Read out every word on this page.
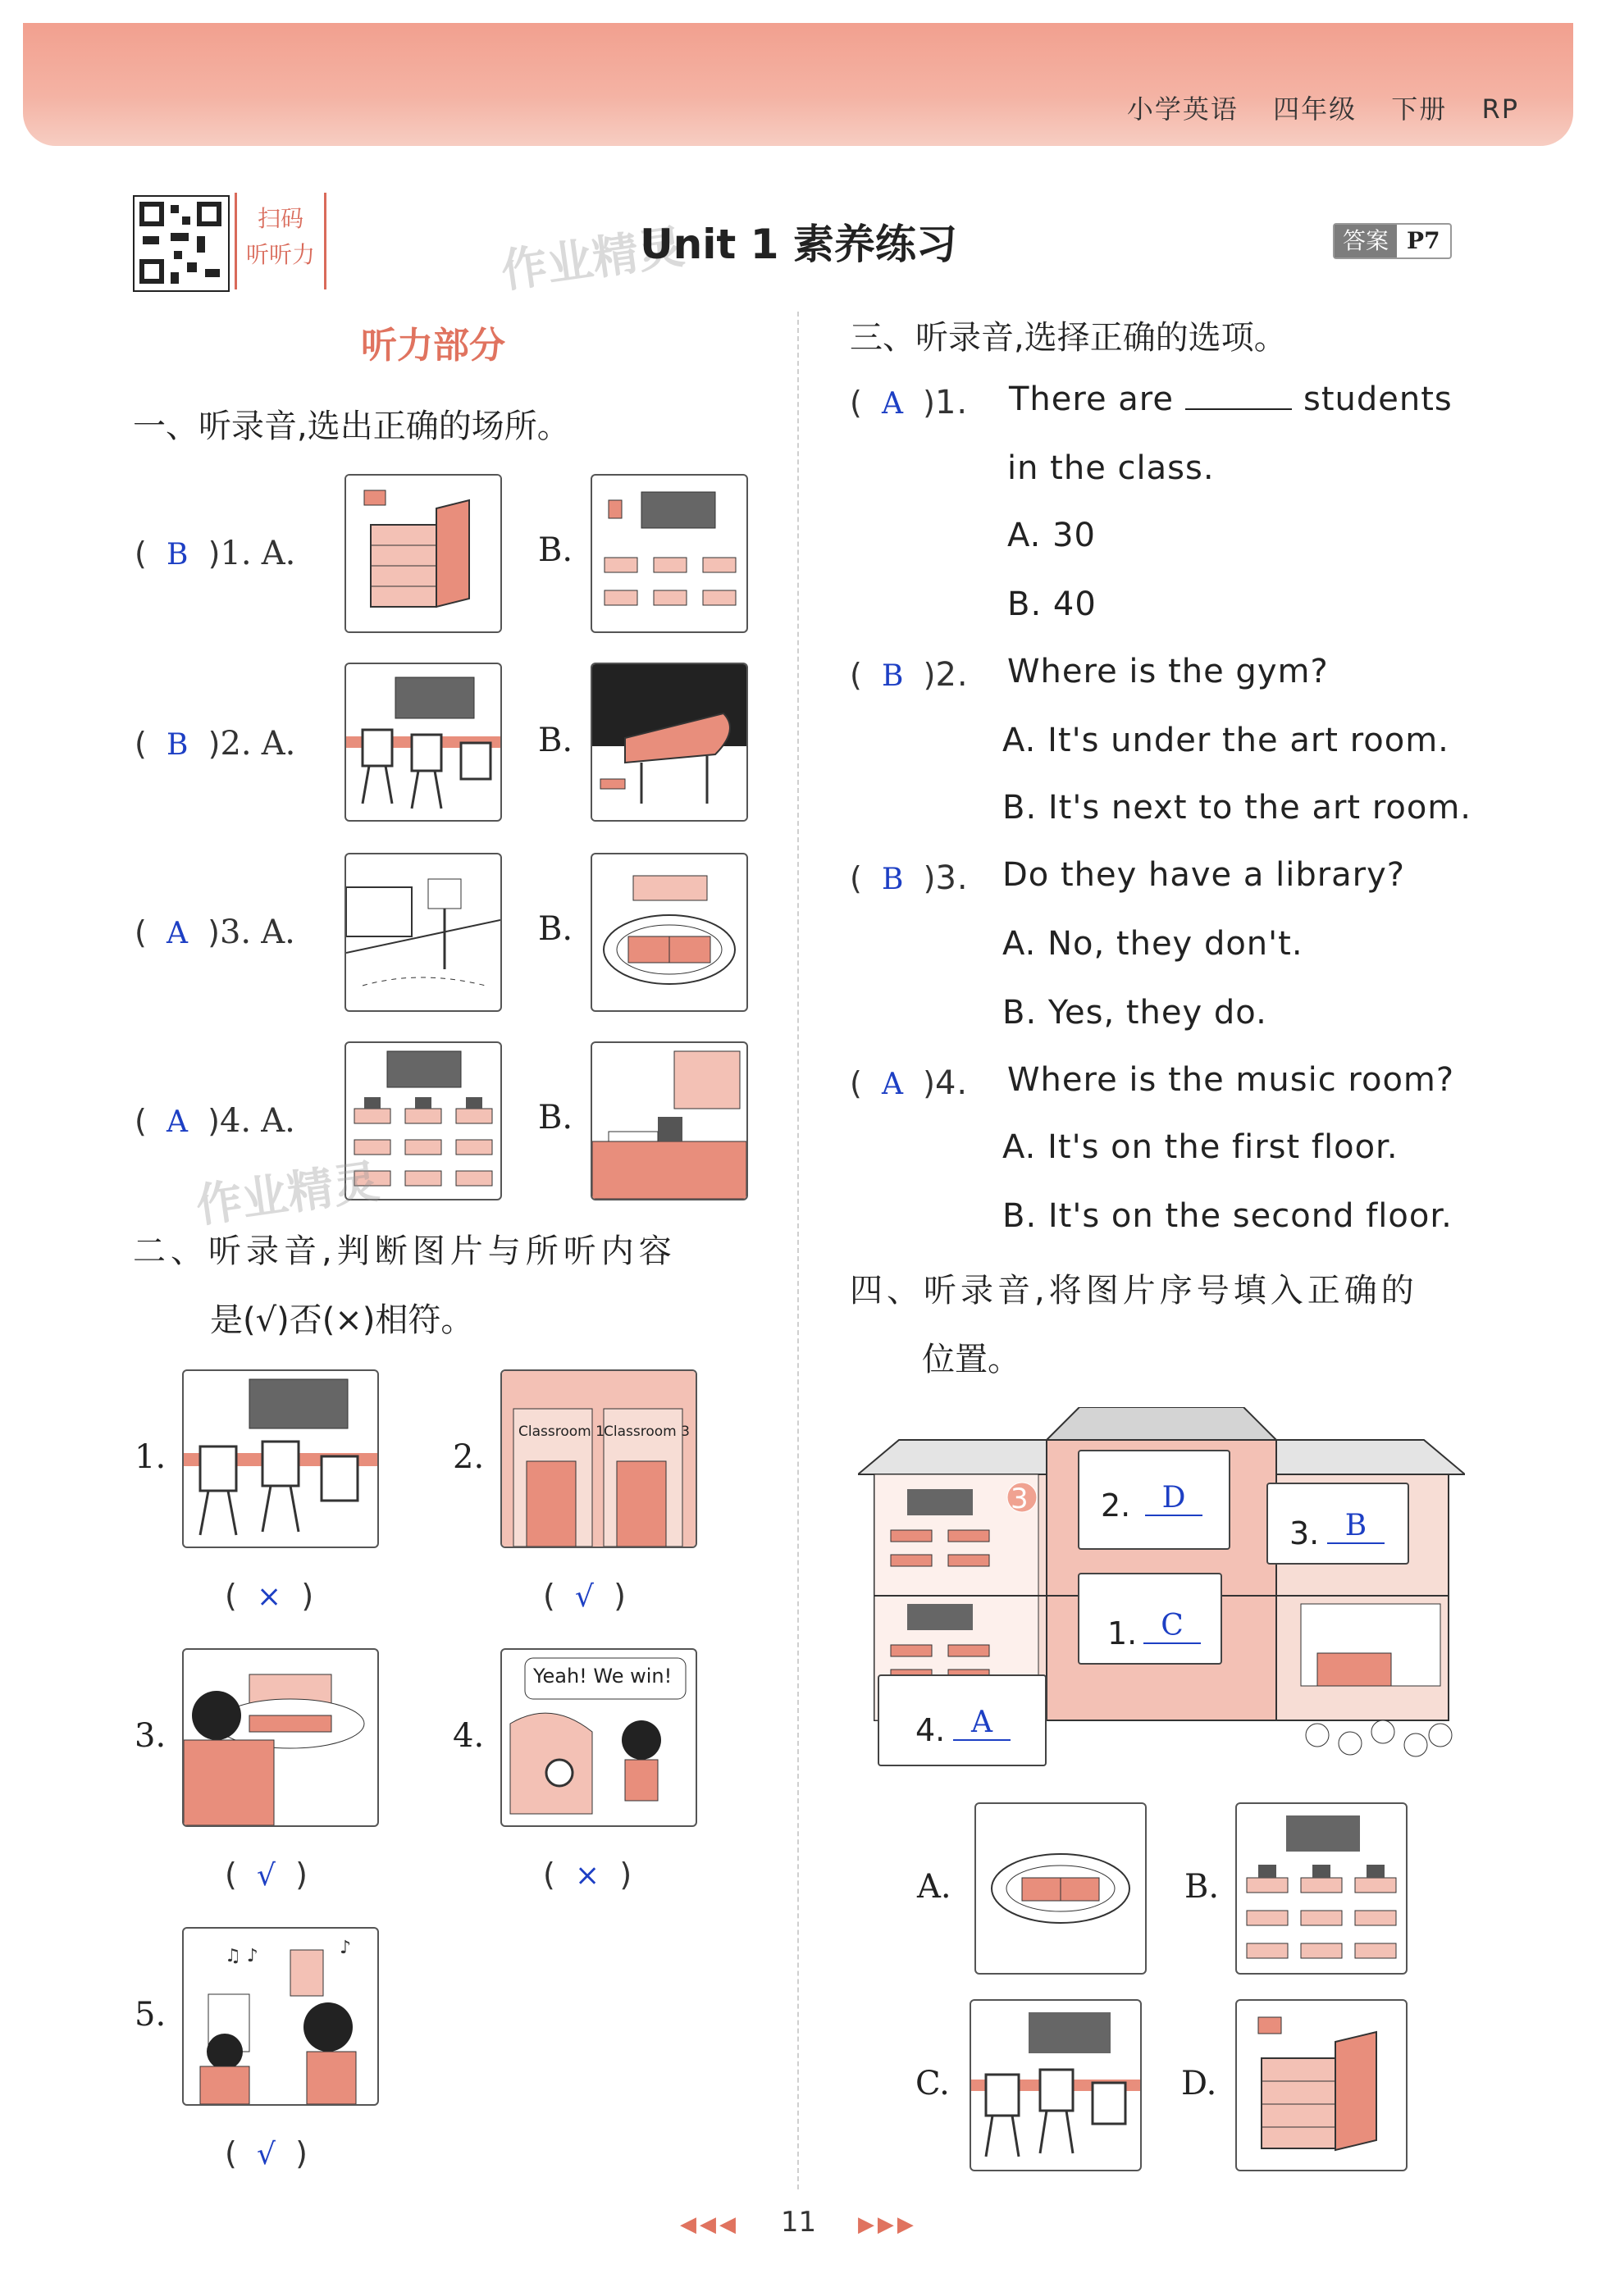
小学英语 四年级 下册 RP
扫码
听听力	作业精灵
Unit 1 素养练习	答案 P7
听力部分
一、听录音,选出正确的场所。
(  B  )1. A.	B.
(  B  )2. A.	B.
(  A  )3. A.	B.
(  A  )4. A.	B.
作业精灵
二、听录音,判断图片与所听内容
是(√)否(×)相符。
1.
(  ×  )
2.
Classroom 1 Classroom 3
(  √  )
3.
(  √  )
4.
Yeah! We win!
(  ×  )
5.
♫ ♪	♪
(  √  )
三、听录音,选择正确的选项。
(  A  )1. There are	students
in the class.
A. 30
B. 40
(  B  )2. Where is the gym?
A. It's under the art room.
B. It's next to the art room.
(  B  )3. Do they have a library?
A. No, they don't.
B. Yes, they do.
(  A  )4. Where is the music room?
A. It's on the first floor.
B. It's on the second floor.
四、听录音,将图片序号填入正确的
位置。
3 2.	D
3. B
1. C
4. A
A.	B.
C.	D.
◀◀◀ 11 ▶▶▶
